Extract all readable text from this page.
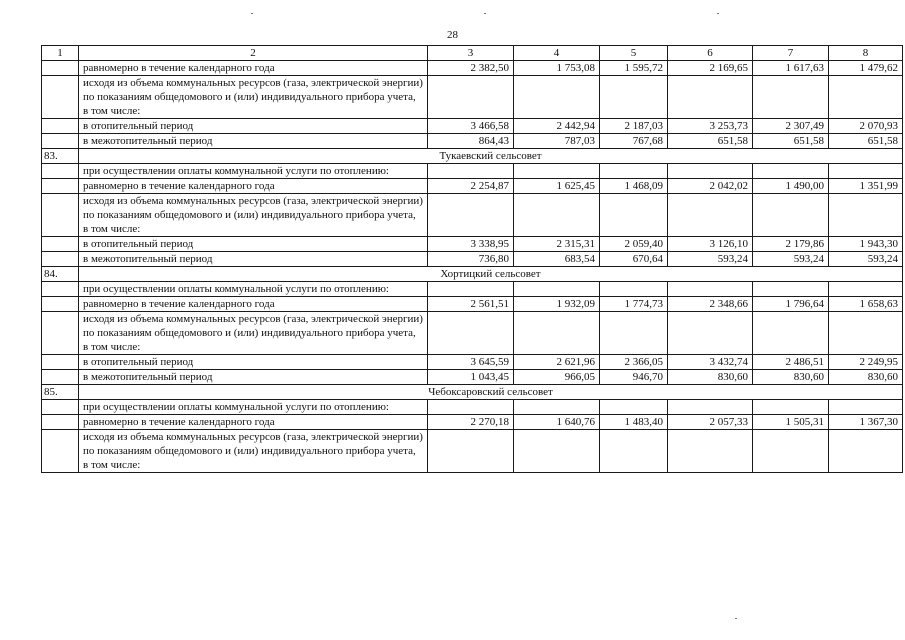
28
1	2	3	4	5	6	7	8
	равномерно в течение календарного года	2 382,50	1 753,08	1 595,72	2 169,65	1 617,63	1 479,62
	исходя из объема коммунальных ресурсов (газа, электрической энергии) по показаниям общедомового и (или) индивидуального прибора учета, в том числе:						
	в отопительный период	3 466,58	2 442,94	2 187,03	3 253,73	2 307,49	2 070,93
	в межотопительный период	864,43	787,03	767,68	651,58	651,58	651,58
83.	Тукаевский сельсовет						
	при осуществлении оплаты коммунальной услуги по отоплению:						
	равномерно в течение календарного года	2 254,87	1 625,45	1 468,09	2 042,02	1 490,00	1 351,99
	исходя из объема коммунальных ресурсов (газа, электрической энергии) по показаниям общедомового и (или) индивидуального прибора учета, в том числе:						
	в отопительный период	3 338,95	2 315,31	2 059,40	3 126,10	2 179,86	1 943,30
	в межотопительный период	736,80	683,54	670,64	593,24	593,24	593,24
84.	Хортицкий сельсовет						
	при осуществлении оплаты коммунальной услуги по отоплению:						
	равномерно в течение календарного года	2 561,51	1 932,09	1 774,73	2 348,66	1 796,64	1 658,63
	исходя из объема коммунальных ресурсов (газа, электрической энергии) по показаниям общедомового и (или) индивидуального прибора учета, в том числе:						
	в отопительный период	3 645,59	2 621,96	2 366,05	3 432,74	2 486,51	2 249,95
	в межотопительный период	1 043,45	966,05	946,70	830,60	830,60	830,60
85.	Чебоксаровский сельсовет						
	при осуществлении оплаты коммунальной услуги по отоплению:						
	равномерно в течение календарного года	2 270,18	1 640,76	1 483,40	2 057,33	1 505,31	1 367,30
	исходя из объема коммунальных ресурсов (газа, электрической энергии) по показаниям общедомового и (или) индивидуального прибора учета, в том числе:						
